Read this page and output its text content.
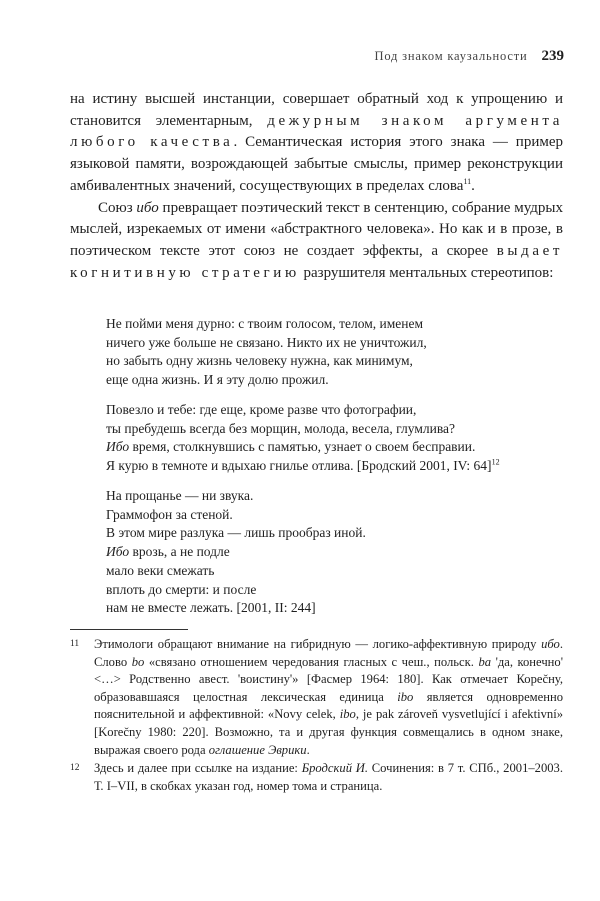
Под знаком каузальности 239

на истину высшей инстанции, совершает обратный ход к упрощению и становится элементарным, дежурным знаком аргумента любого качества. Семантическая история этого знака — пример языковой памяти, возрождающей забытые смыслы, пример реконструкции амбивалентных значений, сосуществующих в пределах слова$^{11}$.

Союз ибо превращает поэтический текст в сентенцию, собрание мудрых мыслей, изрекаемых от имени «абстрактного человека». Но как и в прозе, в поэтическом тексте этот союз не создает эффекты, а скорее выдает когнитивную стратегию разрушителя ментальных стереотипов:

Не пойми меня дурно: с твоим голосом, телом, именем
ничего уже больше не связано. Никто их не уничтожил,
но забыть одну жизнь человеку нужна, как минимум,
еще одна жизнь. И я эту долю прожил.
Повезло и тебе: где еще, кроме разве что фотографии,
ты пребудешь всегда без морщин, молода, весела, глумлива?
Ибо время, столкнувшись с памятью, узнает о своем бесправии.
Я курю в темноте и вдыхаю гнилье отлива. [Бродский 2001, IV: 64]$^{12}$
На прощанье — ни звука.
Граммофон за стеной.
В этом мире разлука — лишь прообраз иной.
Ибо врозь, а не подле
мало веки смежать
вплоть до смерти: и после
нам не вместе лежать. [2001, II: 244]
11 Этимологи обращают внимание на гибридную — логико-аффективную природу ибо. Слово bo «связано отношением чередования гласных с чеш., польск. ba 'да, конечно' <…> Родственно авест. 'воистину'» [Фасмер 1964: 180]. Как отмечает Корečну, образовавшаяся целостная лексическая единица ibo является одновременно пояснительной и аффективной: «Novy celek, ibo, je pak zároveň vysvetlující i afektivní» [Korečny 1980: 220]. Возможно, та и другая функция совмещались в одном знаке, выражая своего рода оглашение Эврики.
12 Здесь и далее при ссылке на издание: Бродский И. Сочинения: в 7 т. СПб., 2001–2003. Т. I–VII, в скобках указан год, номер тома и страница.
